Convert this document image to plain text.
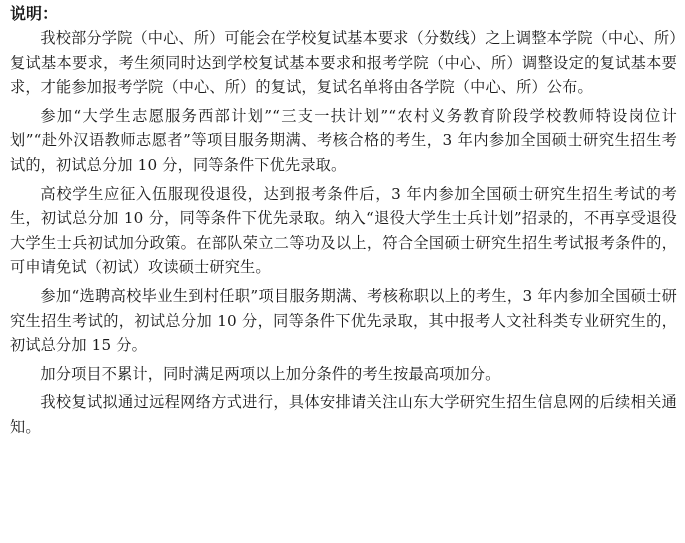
说明：

我校部分学院（中心、所）可能会在学校复试基本要求（分数线）之上调整本学院（中心、所）复试基本要求，考生须同时达到学校复试基本要求和报考学院（中心、所）调整设定的复试基本要求，才能参加报考学院（中心、所）的复试，复试名单将由各学院（中心、所）公布。

参加“大学生志愿服务西部计划”“三支一扶计划”“农村义务教育阶段学校教师特设岗位计划”“赴外汉语教师志愿者”等项目服务期满、考核合格的考生，3 年内参加全国硕士研究生招生考试的，初试总分加 10 分，同等条件下优先录取。

高校学生应征入伍服现役退役，达到报考条件后，3 年内参加全国硕士研究生招生考试的考生，初试总分加 10 分，同等条件下优先录取。纳入“退役大学生士兵计划”招录的，不再享受退役大学生士兵初试加分政策。在部队荣立二等功及以上，符合全国硕士研究生招生考试报考条件的，可申请免试（初试）攻读硕士研究生。

参加“选聘高校毕业生到村任职”项目服务期满、考核称职以上的考生，3 年内参加全国硕士研究生招生考试的，初试总分加 10 分，同等条件下优先录取，其中报考人文社科类专业研究生的，初试总分加 15 分。

加分项目不累计，同时满足两项以上加分条件的考生按最高项加分。

我校复试拟通过远程网络方式进行，具体安排请关注山东大学研究生招生信息网的后续相关通知。
